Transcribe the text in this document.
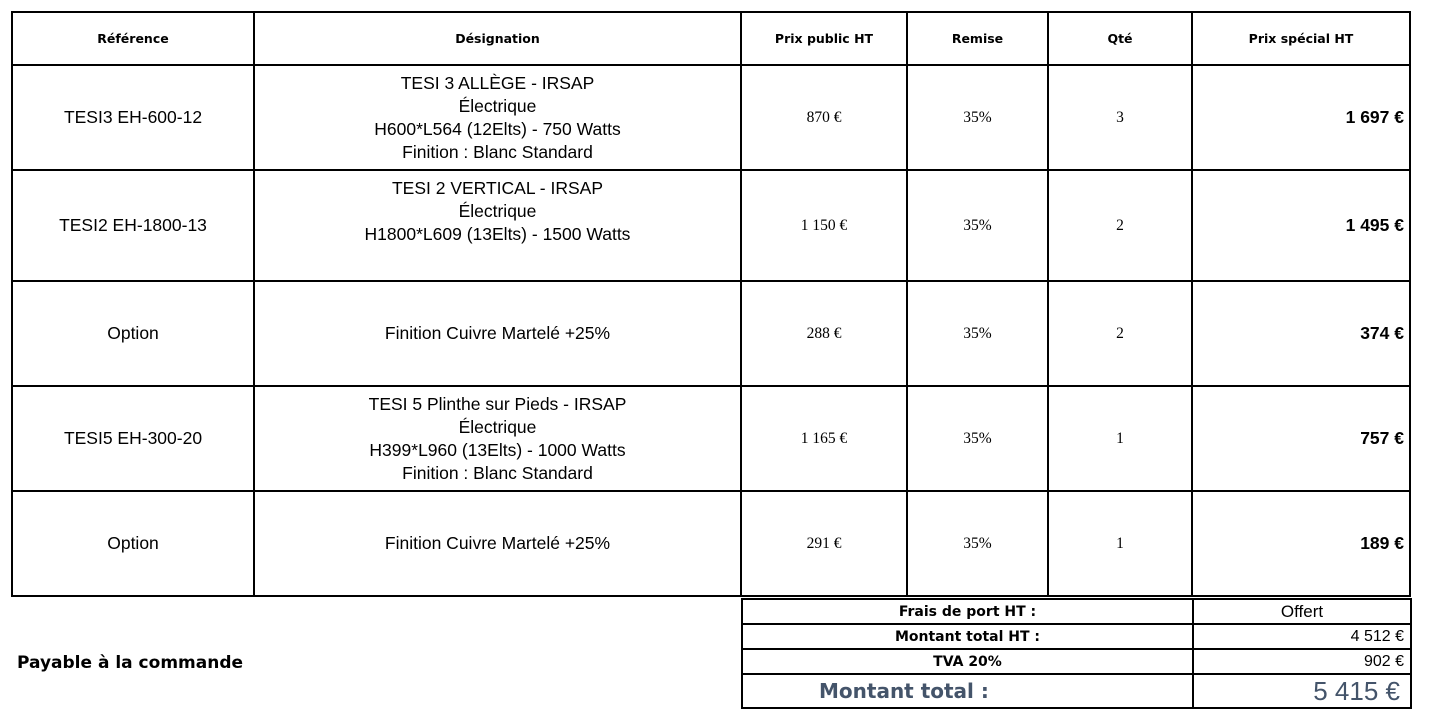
Référence	Désignation	Prix public HT	Remise	Qté	Prix spécial HT
TESI3 EH-600-12	TESI 3 ALLÈGE - IRSAP
Électrique
H600*L564 (12Elts) - 750 Watts
Finition : Blanc Standard	870 €	35%	3	1 697 €
TESI2 EH-1800-13	TESI 2 VERTICAL - IRSAP
Électrique
H1800*L609 (13Elts) - 1500 Watts	1 150 €	35%	2	1 495 €
Option	Finition Cuivre Martelé +25%	288 €	35%	2	374 €
TESI5 EH-300-20	TESI 5 Plinthe sur Pieds - IRSAP
Électrique
H399*L960 (13Elts) - 1000 Watts
Finition : Blanc Standard	1 165 €	35%	1	757 €
Option	Finition Cuivre Martelé +25%	291 €	35%	1	189 €
Frais de port HT :	Offert
Montant total HT :	4 512 €
TVA 20%	902 €
Montant total :	5 415 €
Payable à la commande
